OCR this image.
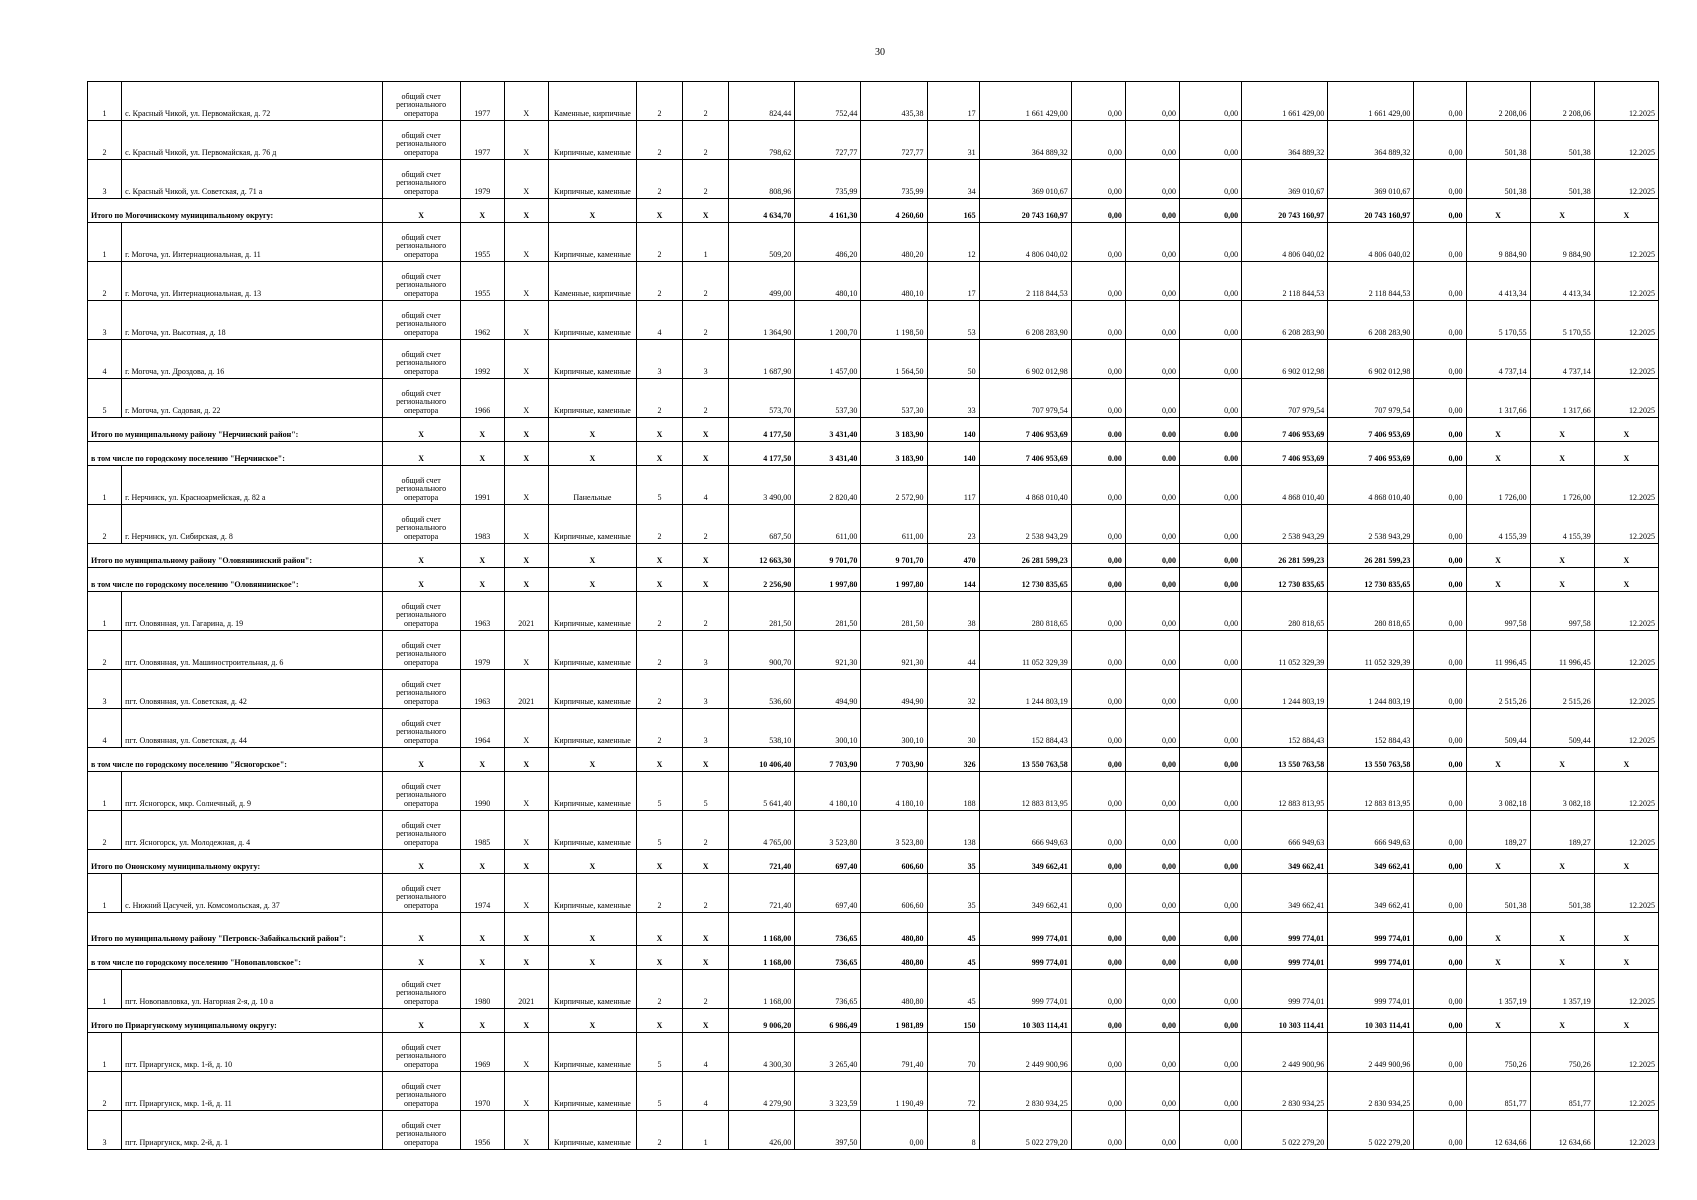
30
1	с. Красный Чикой, ул. Первомайская, д. 72	общий счет регионального оператора	1977	X	Каменные, кирпичные	2	2	824,44	752,44	435,38	17	1 661 429,00	0,00	0,00	0,00	1 661 429,00	1 661 429,00	0,00	2 208,06	2 208,06	12.2025
2	с. Красный Чикой, ул. Первомайская, д. 76 д	общий счет регионального оператора	1977	X	Кирпичные, каменные	2	2	798,62	727,77	727,77	31	364 889,32	0,00	0,00	0,00	364 889,32	364 889,32	0,00	501,38	501,38	12.2025
3	с. Красный Чикой, ул. Советская, д. 71 а	общий счет регионального оператора	1979	X	Кирпичные, каменные	2	2	808,96	735,99	735,99	34	369 010,67	0,00	0,00	0,00	369 010,67	369 010,67	0,00	501,38	501,38	12.2025
Итого по Могочинскому муниципальному округу:		X	X	X	X	X	X	4 634,70	4 161,30	4 260,60	165	20 743 160,97	0,00	0,00	0,00	20 743 160,97	20 743 160,97	0,00	X	X	X
1	г. Могоча, ул. Интернациональная, д. 11	общий счет регионального оператора	1955	X	Кирпичные, каменные	2	1	509,20	486,20	480,20	12	4 806 040,02	0,00	0,00	0,00	4 806 040,02	4 806 040,02	0,00	9 884,90	9 884,90	12.2025
2	г. Могоча, ул. Интернациональная, д. 13	общий счет регионального оператора	1955	X	Каменные, кирпичные	2	2	499,00	480,10	480,10	17	2 118 844,53	0,00	0,00	0,00	2 118 844,53	2 118 844,53	0,00	4 413,34	4 413,34	12.2025
3	г. Могоча, ул. Высотная, д. 18	общий счет регионального оператора	1962	X	Кирпичные, каменные	4	2	1 364,90	1 200,70	1 198,50	53	6 208 283,90	0,00	0,00	0,00	6 208 283,90	6 208 283,90	0,00	5 170,55	5 170,55	12.2025
4	г. Могоча, ул. Дроздова, д. 16	общий счет регионального оператора	1992	X	Кирпичные, каменные	3	3	1 687,90	1 457,00	1 564,50	50	6 902 012,98	0,00	0,00	0,00	6 902 012,98	6 902 012,98	0,00	4 737,14	4 737,14	12.2025
5	г. Могоча, ул. Садовая, д. 22	общий счет регионального оператора	1966	X	Кирпичные, каменные	2	2	573,70	537,30	537,30	33	707 979,54	0,00	0,00	0,00	707 979,54	707 979,54	0,00	1 317,66	1 317,66	12.2025
Итого по муниципальному району "Нерчинский район":		X	X	X	X	X	X	4 177,50	3 431,40	3 183,90	140	7 406 953,69	0.00	0.00	0.00	7 406 953,69	7 406 953,69	0,00	X	X	X
в том числе по городскому поселению "Нерчинское":		X	X	X	X	X	X	4 177,50	3 431,40	3 183,90	140	7 406 953,69	0.00	0.00	0.00	7 406 953,69	7 406 953,69	0,00	X	X	X
1	г. Нерчинск, ул. Красноармейская, д. 82 а	общий счет регионального оператора	1991	X	Панельные	5	4	3 490,00	2 820,40	2 572,90	117	4 868 010,40	0,00	0,00	0,00	4 868 010,40	4 868 010,40	0,00	1 726,00	1 726,00	12.2025
2	г. Нерчинск, ул. Сибирская, д. 8	общий счет регионального оператора	1983	X	Кирпичные, каменные	2	2	687,50	611,00	611,00	23	2 538 943,29	0,00	0,00	0,00	2 538 943,29	2 538 943,29	0,00	4 155,39	4 155,39	12.2025
Итого по муниципальному району "Оловяннинский район":		X	X	X	X	X	X	12 663,30	9 701,70	9 701,70	470	26 281 599,23	0,00	0,00	0,00	26 281 599,23	26 281 599,23	0,00	X	X	X
в том числе по городскому поселению "Оловяннинское":		X	X	X	X	X	X	2 256,90	1 997,80	1 997,80	144	12 730 835,65	0,00	0,00	0,00	12 730 835,65	12 730 835,65	0,00	X	X	X
1	пгт. Оловянная, ул. Гагарина, д. 19	общий счет регионального оператора	1963	2021	Кирпичные, каменные	2	2	281,50	281,50	281,50	38	280 818,65	0,00	0,00	0,00	280 818,65	280 818,65	0,00	997,58	997,58	12.2025
2	пгт. Оловянная, ул. Машиностроительная, д. 6	общий счет регионального оператора	1979	X	Кирпичные, каменные	2	3	900,70	921,30	921,30	44	11 052 329,39	0,00	0,00	0,00	11 052 329,39	11 052 329,39	0,00	11 996,45	11 996,45	12.2025
3	пгт. Оловянная, ул. Советская, д. 42	общий счет регионального оператора	1963	2021	Кирпичные, каменные	2	3	536,60	494,90	494,90	32	1 244 803,19	0,00	0,00	0,00	1 244 803,19	1 244 803,19	0,00	2 515,26	2 515,26	12.2025
4	пгт. Оловянная, ул. Советская, д. 44	общий счет регионального оператора	1964	X	Кирпичные, каменные	2	3	538,10	300,10	300,10	30	152 884,43	0,00	0,00	0,00	152 884,43	152 884,43	0,00	509,44	509,44	12.2025
в том числе по городскому поселению "Ясногорское":		X	X	X	X	X	X	10 406,40	7 703,90	7 703,90	326	13 550 763,58	0,00	0,00	0,00	13 550 763,58	13 550 763,58	0,00	X	X	X
1	пгт. Ясногорск, мкр. Солнечный, д. 9	общий счет регионального оператора	1990	X	Кирпичные, каменные	5	5	5 641,40	4 180,10	4 180,10	188	12 883 813,95	0,00	0,00	0,00	12 883 813,95	12 883 813,95	0,00	3 082,18	3 082,18	12.2025
2	пгт. Ясногорск, ул. Молодежная, д. 4	общий счет регионального оператора	1985	X	Кирпичные, каменные	5	2	4 765,00	3 523,80	3 523,80	138	666 949,63	0,00	0,00	0,00	666 949,63	666 949,63	0,00	189,27	189,27	12.2025
Итого по Ононскому муниципальному округу:		X	X	X	X	X	X	721,40	697,40	606,60	35	349 662,41	0,00	0,00	0,00	349 662,41	349 662,41	0,00	X	X	X
1	с. Нижний Цасучей, ул. Комсомольская, д. 37	общий счет регионального оператора	1974	X	Кирпичные, каменные	2	2	721,40	697,40	606,60	35	349 662,41	0,00	0,00	0,00	349 662,41	349 662,41	0,00	501,38	501,38	12.2025
Итого по муниципальному району "Петровск-Забайкальский район":		X	X	X	X	X	X	1 168,00	736,65	480,80	45	999 774,01	0,00	0,00	0,00	999 774,01	999 774,01	0,00	X	X	X
в том числе по городскому поселению "Новопавловское":		X	X	X	X	X	X	1 168,00	736,65	480,80	45	999 774,01	0,00	0,00	0,00	999 774,01	999 774,01	0,00	X	X	X
1	пгт. Новопавловка, ул. Нагорная 2-я, д. 10 а	общий счет регионального оператора	1980	2021	Кирпичные, каменные	2	2	1 168,00	736,65	480,80	45	999 774,01	0,00	0,00	0,00	999 774,01	999 774,01	0,00	1 357,19	1 357,19	12.2025
Итого по Приаргунскому муниципальному округу:		X	X	X	X	X	X	9 006,20	6 986,49	1 981,89	150	10 303 114,41	0,00	0,00	0,00	10 303 114,41	10 303 114,41	0,00	X	X	X
1	пгт. Приаргунск, мкр. 1-й, д. 10	общий счет регионального оператора	1969	X	Кирпичные, каменные	5	4	4 300,30	3 265,40	791,40	70	2 449 900,96	0,00	0,00	0,00	2 449 900,96	2 449 900,96	0,00	750,26	750,26	12.2025
2	пгт. Приаргунск, мкр. 1-й, д. 11	общий счет регионального оператора	1970	X	Кирпичные, каменные	5	4	4 279,90	3 323,59	1 190,49	72	2 830 934,25	0,00	0,00	0,00	2 830 934,25	2 830 934,25	0,00	851,77	851,77	12.2025
3	пгт. Приаргунск, мкр. 2-й, д. 1	общий счет регионального оператора	1956	X	Кирпичные, каменные	2	1	426,00	397,50	0,00	8	5 022 279,20	0,00	0,00	0,00	5 022 279,20	5 022 279,20	0,00	12 634,66	12 634,66	12.2023
